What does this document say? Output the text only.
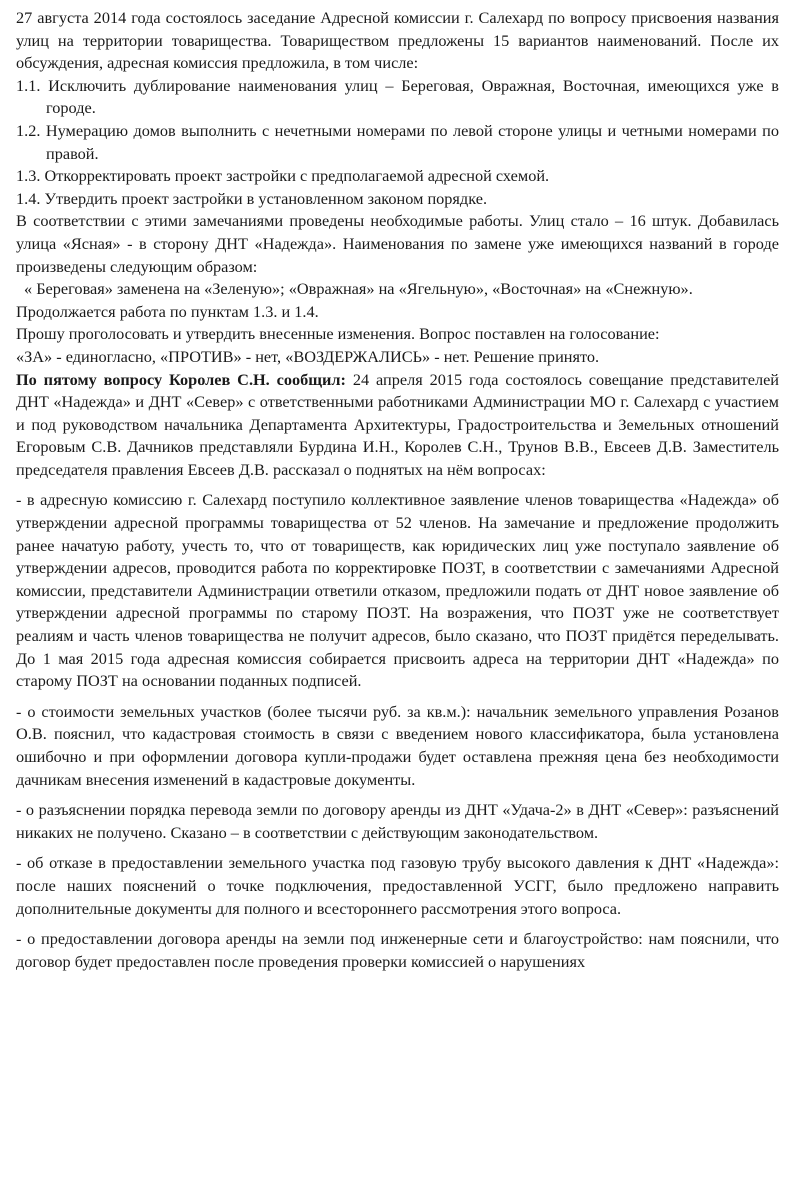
27 августа 2014 года состоялось заседание Адресной комиссии г. Салехард по вопросу присвоения названия улиц на территории товарищества. Товариществом предложены 15 вариантов наименований. После их обсуждения, адресная комиссия предложила, в том числе:

1.1. Исключить дублирование наименования улиц – Береговая, Овражная, Восточная, имеющихся уже в городе.

1.2. Нумерацию домов выполнить с нечетными номерами по левой стороне улицы и четными номерами по правой.

1.3. Откорректировать проект застройки с предполагаемой адресной схемой.

1.4. Утвердить проект застройки в установленном законом порядке.

В соответствии с этими замечаниями проведены необходимые работы. Улиц стало – 16 штук. Добавилась улица «Ясная» - в сторону ДНТ «Надежда». Наименования по замене уже имеющихся названий в городе произведены следующим образом:

« Береговая» заменена на «Зеленую»; «Овражная» на «Ягельную», «Восточная» на «Снежную».

Продолжается работа по пунктам 1.3. и 1.4.

Прошу проголосовать и утвердить внесенные изменения. Вопрос поставлен на голосование:

«ЗА» - единогласно, «ПРОТИВ» - нет, «ВОЗДЕРЖАЛИСЬ» - нет. Решение принято.

По пятому вопросу Королев С.Н. сообщил: 24 апреля 2015 года состоялось совещание представителей ДНТ «Надежда» и ДНТ «Север» с ответственными работниками Администрации МО г. Салехард с участием и под руководством начальника Департамента Архитектуры, Градостроительства и Земельных отношений Егоровым С.В. Дачников представляли Бурдина И.Н., Королев С.Н., Трунов В.В., Евсеев Д.В. Заместитель председателя правления Евсеев Д.В. рассказал о поднятых на нём вопросах:

- в адресную комиссию г. Салехард поступило коллективное заявление членов товарищества «Надежда» об утверждении адресной программы товарищества от 52 членов. На замечание и предложение продолжить ранее начатую работу, учесть то, что от товариществ, как юридических лиц уже поступало заявление об утверждении адресов, проводится работа по корректировке ПОЗТ, в соответствии с замечаниями Адресной комиссии, представители Администрации ответили отказом, предложили подать от ДНТ новое заявление об утверждении адресной программы по старому ПОЗТ. На возражения, что ПОЗТ уже не соответствует реалиям и часть членов товарищества не получит адресов, было сказано, что ПОЗТ придётся переделывать. До 1 мая 2015 года адресная комиссия собирается присвоить адреса на территории ДНТ «Надежда» по старому ПОЗТ на основании поданных подписей.

- о стоимости земельных участков (более тысячи руб. за кв.м.): начальник земельного управления Розанов О.В. пояснил, что кадастровая стоимость в связи с введением нового классификатора, была установлена ошибочно и при оформлении договора купли-продажи будет оставлена прежняя цена без необходимости дачникам внесения изменений в кадастровые документы.

- о разъяснении порядка перевода земли по договору аренды из ДНТ «Удача-2» в ДНТ «Север»: разъяснений никаких не получено. Сказано – в соответствии с действующим законодательством.

- об отказе в предоставлении земельного участка под газовую трубу высокого давления к ДНТ «Надежда»: после наших пояснений о точке подключения, предоставленной УСГГ, было предложено направить дополнительные документы для полного и всестороннего рассмотрения этого вопроса.

- о предоставлении договора аренды на земли под инженерные сети и благоустройство: нам пояснили, что договор будет предоставлен после проведения проверки комиссией о нарушениях
